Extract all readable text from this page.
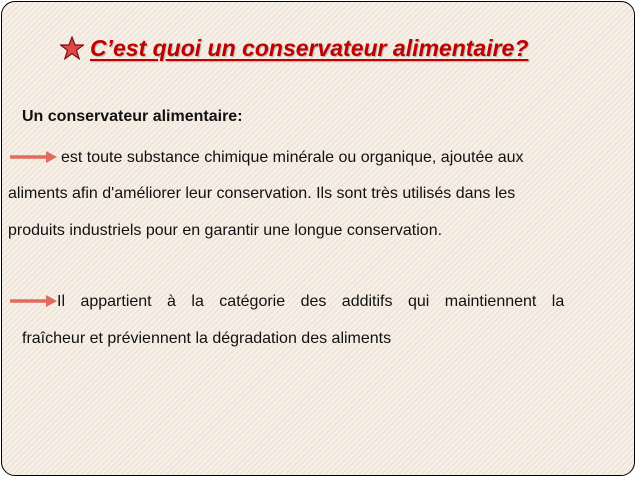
C’est quoi un conservateur alimentaire?
Un conservateur alimentaire:
est toute substance chimique minérale ou organique, ajoutée aux
aliments afin d'améliorer leur conservation. Ils sont très utilisés dans les
produits industriels pour en garantir une longue conservation.
Il appartient à la catégorie des additifs qui maintiennent la
fraîcheur et préviennent la dégradation des aliments
